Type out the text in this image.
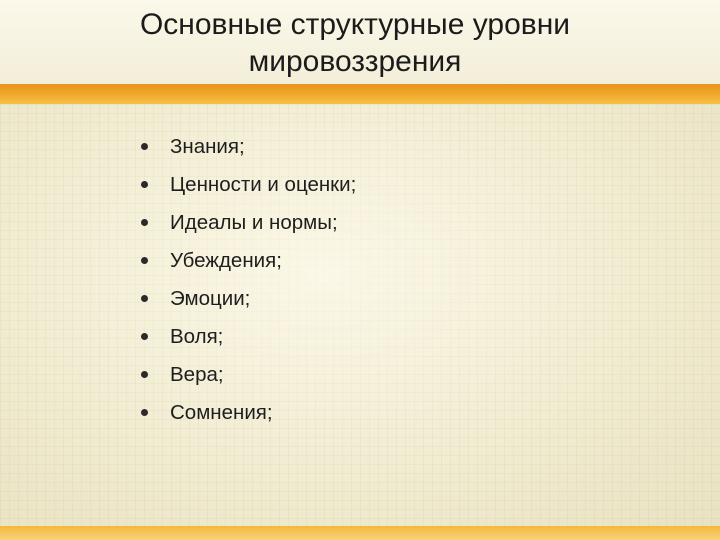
Основные структурные уровни мировоззрения
Знания;
Ценности и оценки;
Идеалы и нормы;
Убеждения;
Эмоции;
Воля;
Вера;
Сомнения;
